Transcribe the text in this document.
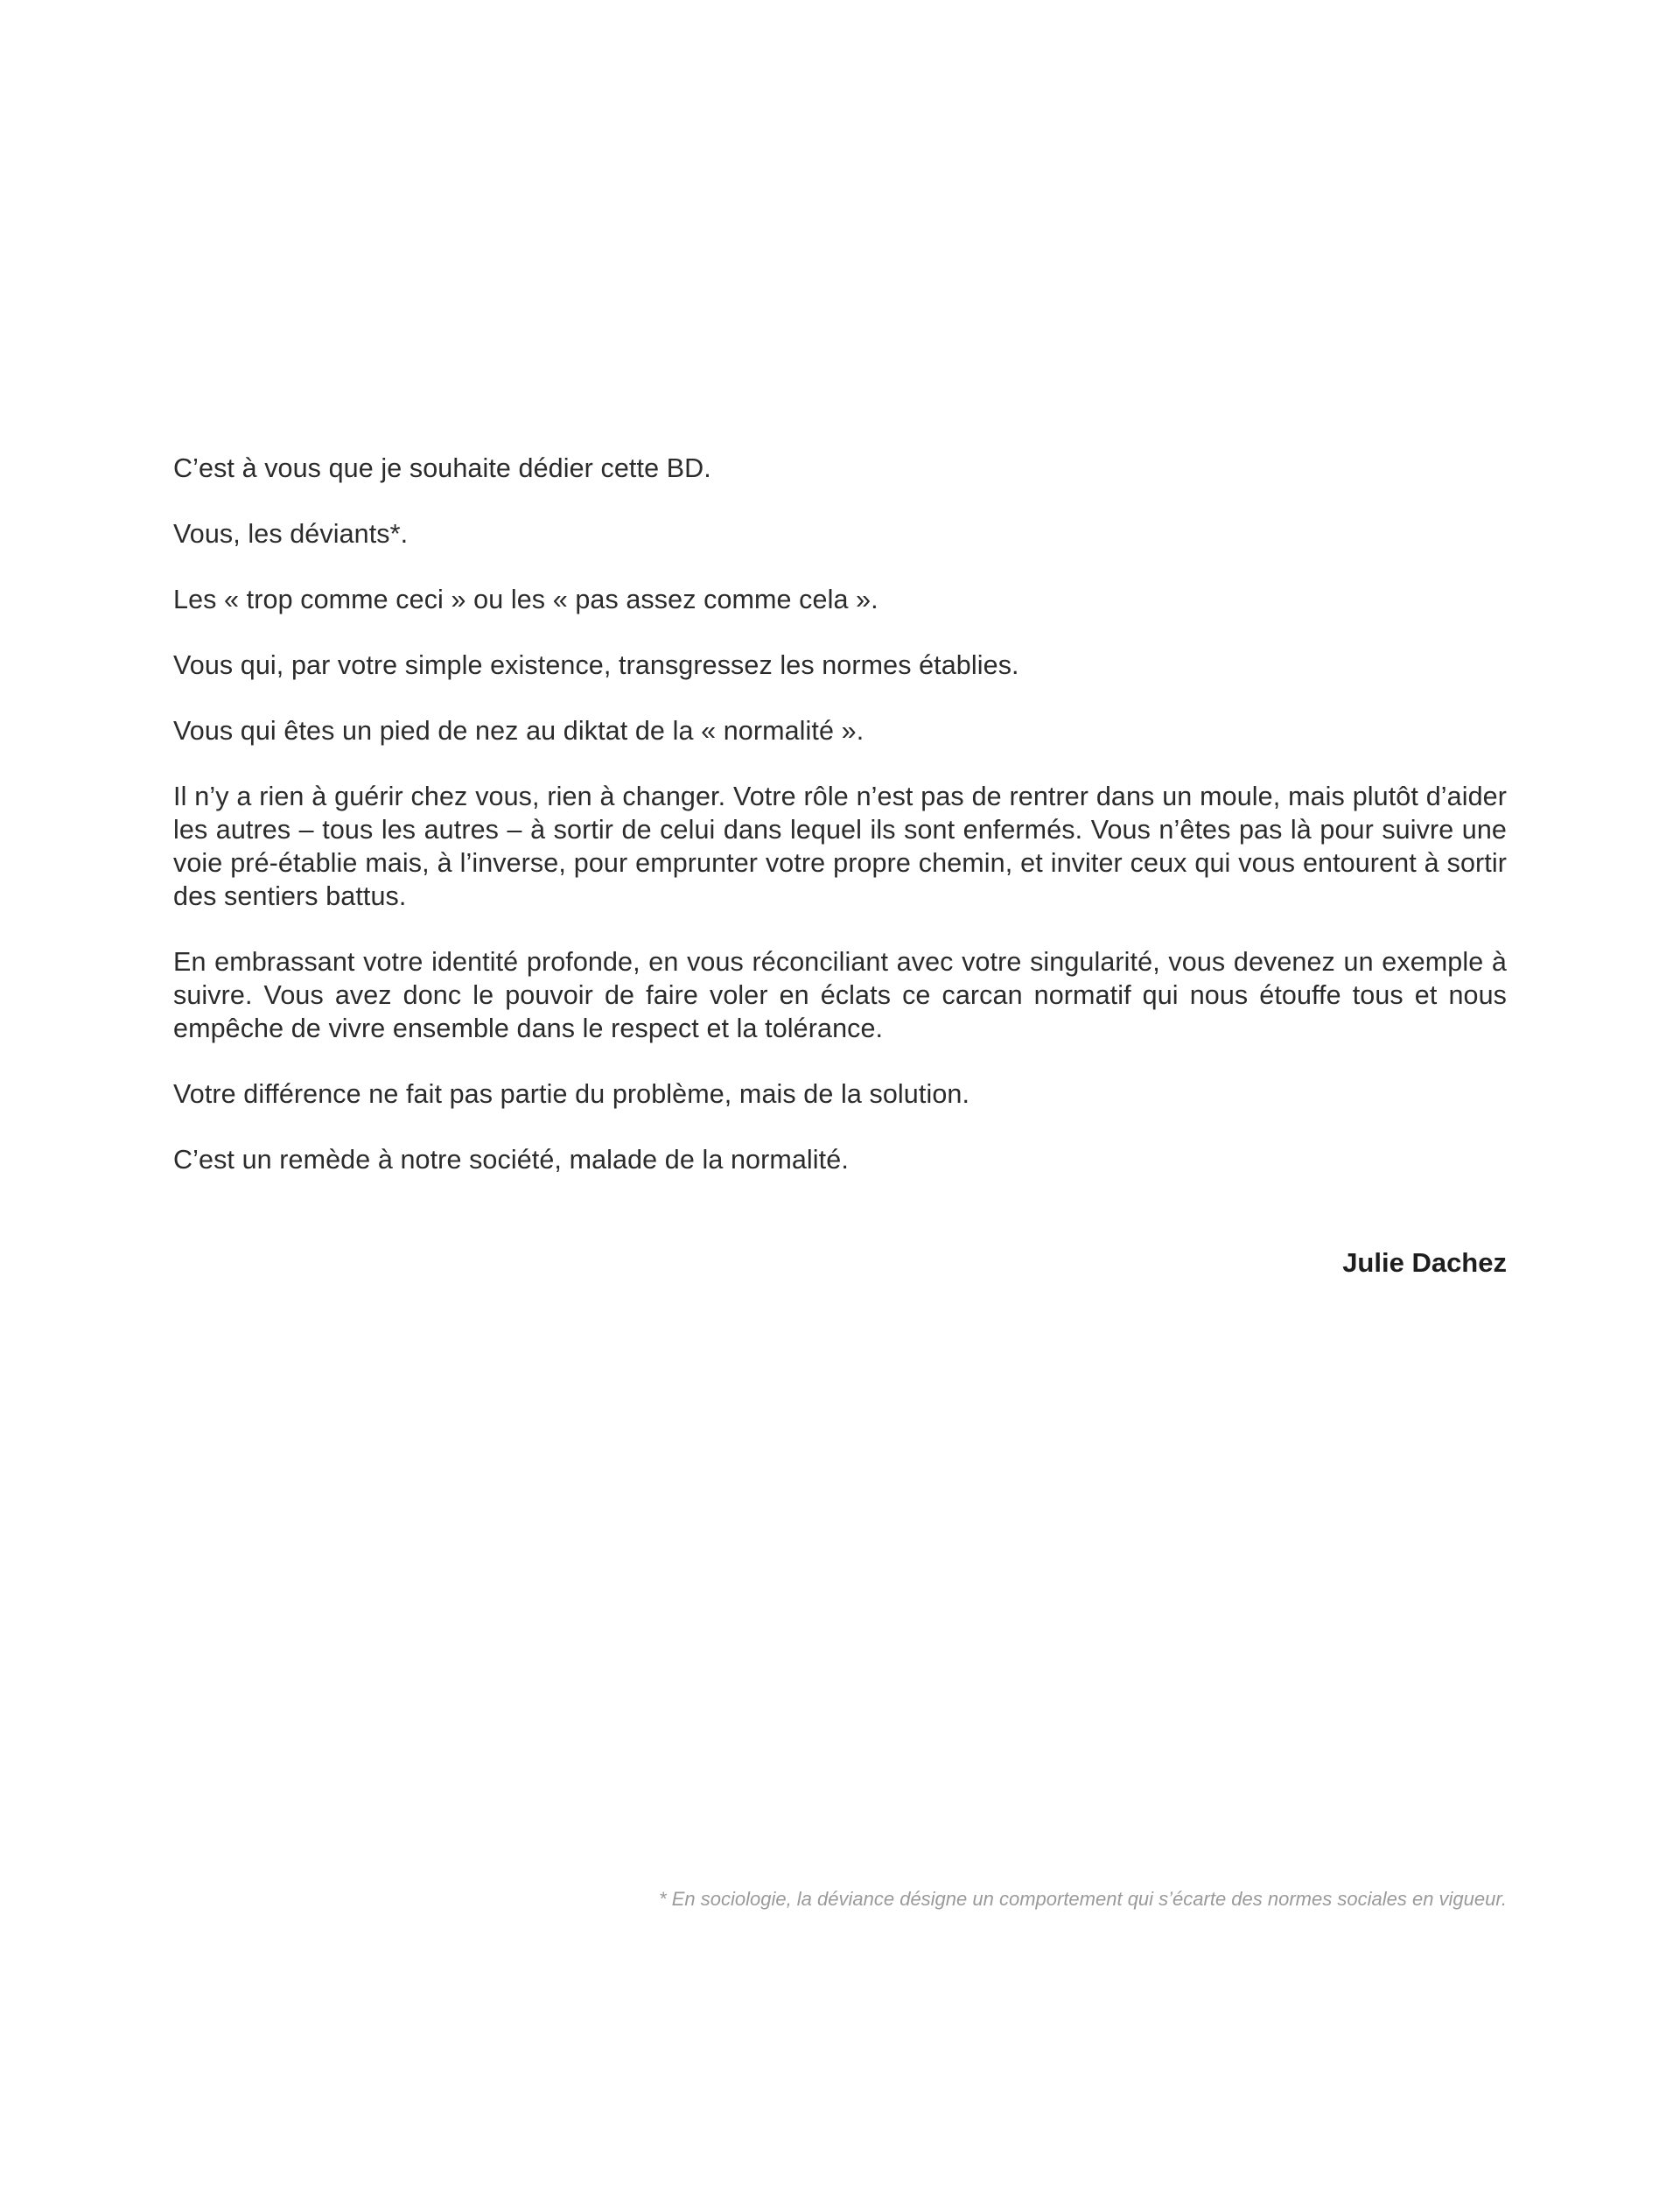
C’est à vous que je souhaite dédier cette BD.

Vous, les déviants*.

Les « trop comme ceci » ou les « pas assez comme cela ».

Vous qui, par votre simple existence, transgressez les normes établies.

Vous qui êtes un pied de nez au diktat de la « normalité ».

Il n’y a rien à guérir chez vous, rien à changer. Votre rôle n’est pas de rentrer dans un moule, mais plutôt d’aider les autres – tous les autres – à sortir de celui dans lequel ils sont enfermés. Vous n’êtes pas là pour suivre une voie pré-établie mais, à l’inverse, pour emprunter votre propre chemin, et inviter ceux qui vous entourent à sortir des sentiers battus.

En embrassant votre identité profonde, en vous réconciliant avec votre singularité, vous devenez un exemple à suivre. Vous avez donc le pouvoir de faire voler en éclats ce carcan normatif qui nous étouffe tous et nous empêche de vivre ensemble dans le respect et la tolérance.

Votre différence ne fait pas partie du problème, mais de la solution.

C’est un remède à notre société, malade de la normalité.

Julie Dachez
* En sociologie, la déviance désigne un comportement qui s’écarte des normes sociales en vigueur.
